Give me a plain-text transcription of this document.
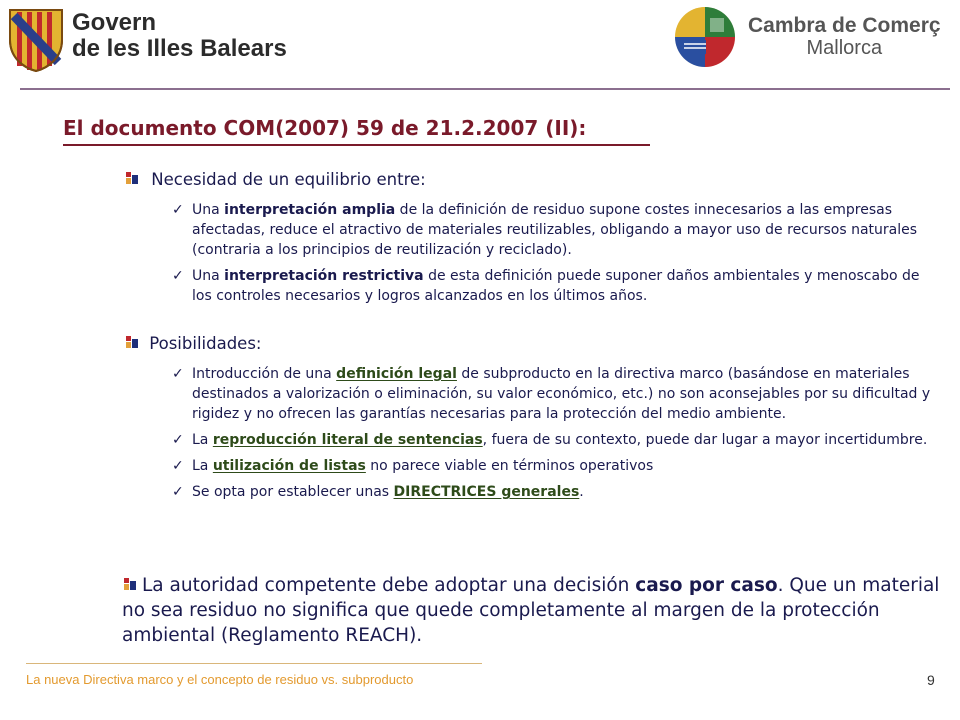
Govern
de les Illes Balears
Cambra de Comerç
Mallorca
El documento COM(2007) 59 de 21.2.2007 (II):
Necesidad de un equilibrio entre:
✓ Una interpretación amplia de la definición de residuo supone costes innecesarios a las empresas afectadas, reduce el atractivo de materiales reutilizables, obligando a mayor uso de recursos naturales (contraria a los principios de reutilización y reciclado).
✓ Una interpretación restrictiva de esta definición puede suponer daños ambientales y menoscabo de los controles necesarios y logros alcanzados en los últimos años.
Posibilidades:
✓ Introducción de una definición legal de subproducto en la directiva marco (basándose en materiales destinados a valorización o eliminación, su valor económico, etc.) no son aconsejables por su dificultad y rigidez y no ofrecen las garantías necesarias para la protección del medio ambiente.
✓ La reproducción literal de sentencias, fuera de su contexto, puede dar lugar a mayor incertidumbre.
✓ La utilización de listas no parece viable en términos operativos
✓ Se opta por establecer unas DIRECTRICES generales.

La autoridad competente debe adoptar una decisión caso por caso. Que un material no sea residuo no significa que quede completamente al margen de la protección ambiental (Reglamento REACH).

La nueva Directiva marco y el concepto de residuo vs. subproducto	9
